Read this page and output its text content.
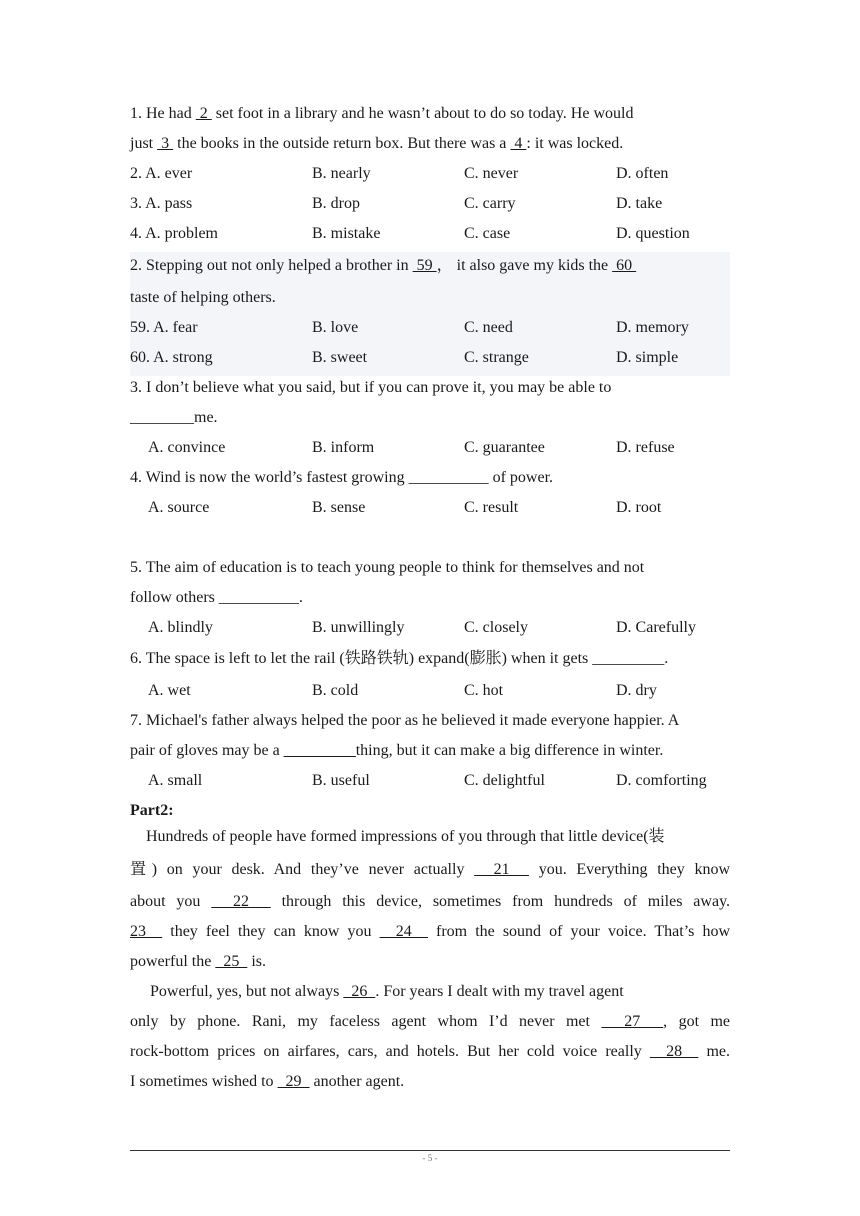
1. He had  2  set foot in a library and he wasn’t about to do so today. He would
just  3  the books in the outside return box. But there was a  4 : it was locked.
2. A. ever	B. nearly	C. never	D. often
3. A. pass	B. drop	C. carry	D. take
4. A. problem	B. mistake	C. case	D. question
2. Stepping out not only helped a brother in  59 ， it also gave my kids the  60
taste of helping others.
59. A. fear	B. love	C. need	D. memory
60. A. strong	B. sweet	C. strange	D. simple
3. I don’t believe what you said, but if you can prove it, you may be able to
________me.
A. convince	B. inform	C. guarantee	D. refuse
4. Wind is now the world’s fastest growing __________ of power.
A. source	B. sense	C. result	D. root
5. The aim of education is to teach young people to think for themselves and not
follow others __________.
A. blindly	B. unwillingly	C. closely	D. Carefully
6. The space is left to let the rail (铁路铁轨) expand(膨胀) when it gets _________.
A. wet	B. cold	C. hot	D. dry
7. Michael's father always helped the poor as he believed it made everyone happier. A
pair of gloves may be a _________thing, but it can make a big difference in winter.
A. small	B. useful	C. delightful	D. comforting
Part2:
Hundreds of people have formed impressions of you through that little device(装
置) on your desk. And they’ve never actually   21   you. Everything they know
about you   22   through this device, sometimes from hundreds of miles away.
23   they feel they can know you   24   from the sound of your voice. That’s how
powerful the   25   is.
Powerful, yes, but not always   26  . For years I dealt with my travel agent
only by phone. Rani, my faceless agent whom I’d never met   27  , got me
rock-bottom prices on airfares, cars, and hotels. But her cold voice really   28   me.
I sometimes wished to   29   another agent.
- 5 -
